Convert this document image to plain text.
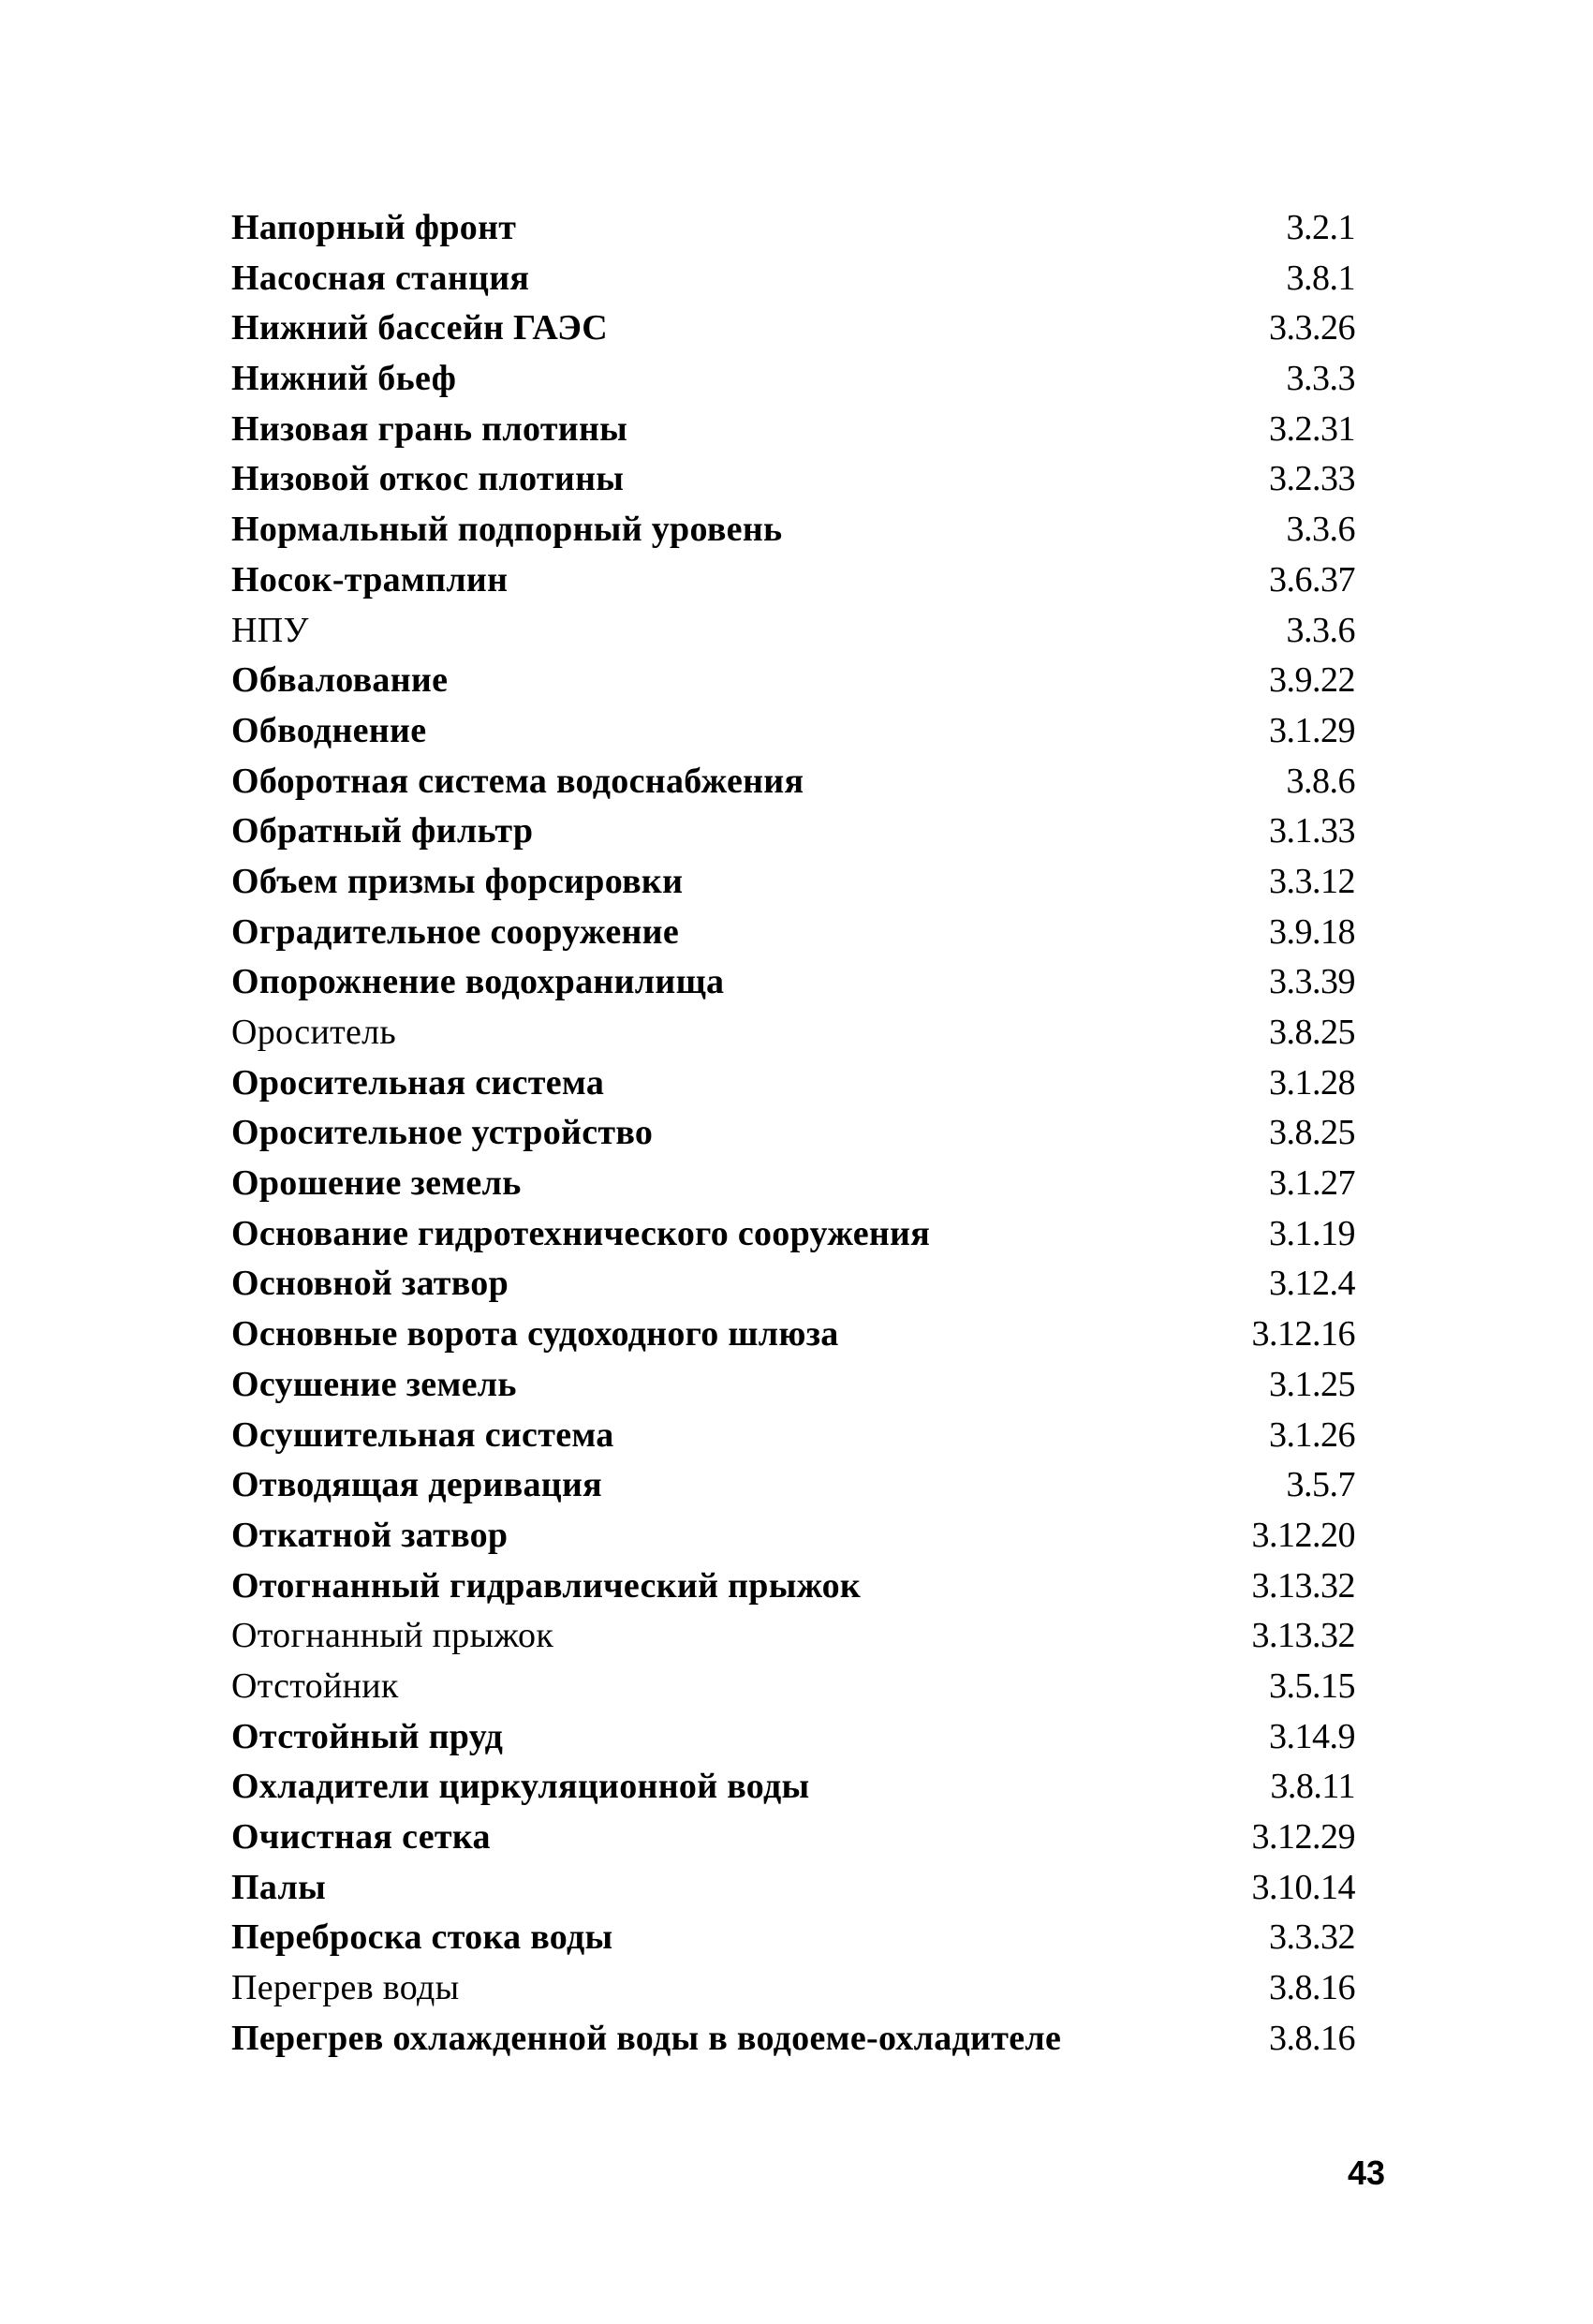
Напорный фронт	3.2.1
Насосная станция	3.8.1
Нижний бассейн ГАЭС	3.3.26
Нижний бьеф	3.3.3
Низовая грань плотины	3.2.31
Низовой откос плотины	3.2.33
Нормальный подпорный уровень	3.3.6
Носок-трамплин	3.6.37
НПУ	3.3.6
Обвалование	3.9.22
Обводнение	3.1.29
Оборотная система водоснабжения	3.8.6
Обратный фильтр	3.1.33
Объем призмы форсировки	3.3.12
Оградительное сооружение	3.9.18
Опорожнение водохранилища	3.3.39
Ороситель	3.8.25
Оросительная система	3.1.28
Оросительное устройство	3.8.25
Орошение земель	3.1.27
Основание гидротехнического сооружения	3.1.19
Основной затвор	3.12.4
Основные ворота судоходного шлюза	3.12.16
Осушение земель	3.1.25
Осушительная система	3.1.26
Отводящая деривация	3.5.7
Откатной затвор	3.12.20
Отогнанный гидравлический прыжок	3.13.32
Отогнанный прыжок	3.13.32
Отстойник	3.5.15
Отстойный пруд	3.14.9
Охладители циркуляционной воды	3.8.11
Очистная сетка	3.12.29
Палы	3.10.14
Переброска стока воды	3.3.32
Перегрев воды	3.8.16
Перегрев охлажденной воды в водоеме-охладителе	3.8.16
43
